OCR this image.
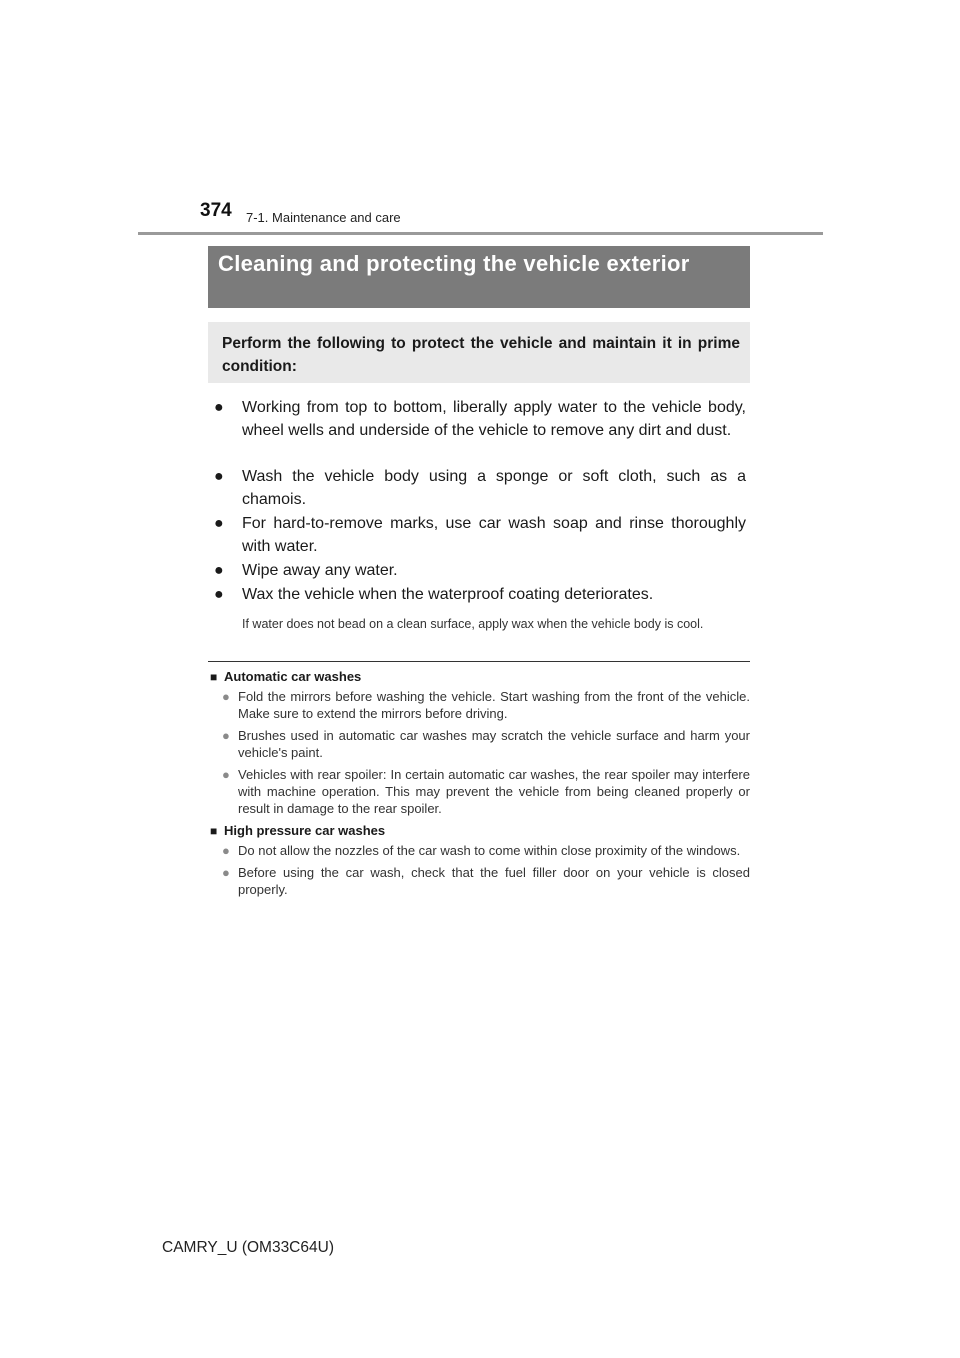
374 7-1. Maintenance and care
Cleaning and protecting the vehicle exterior
Perform the following to protect the vehicle and maintain it in prime condition:
● Working from top to bottom, liberally apply water to the vehicle body, wheel wells and underside of the vehicle to remove any dirt and dust.
● Wash the vehicle body using a sponge or soft cloth, such as a chamois.
● For hard-to-remove marks, use car wash soap and rinse thoroughly with water.
● Wipe away any water.
● Wax the vehicle when the waterproof coating deteriorates.
If water does not bead on a clean surface, apply wax when the vehicle body is cool.
■ Automatic car washes
● Fold the mirrors before washing the vehicle. Start washing from the front of the vehicle. Make sure to extend the mirrors before driving.
● Brushes used in automatic car washes may scratch the vehicle surface and harm your vehicle's paint.
● Vehicles with rear spoiler: In certain automatic car washes, the rear spoiler may interfere with machine operation. This may prevent the vehicle from being cleaned properly or result in damage to the rear spoiler.
■ High pressure car washes
● Do not allow the nozzles of the car wash to come within close proximity of the windows.
● Before using the car wash, check that the fuel filler door on your vehicle is closed properly.
CAMRY_U (OM33C64U)
